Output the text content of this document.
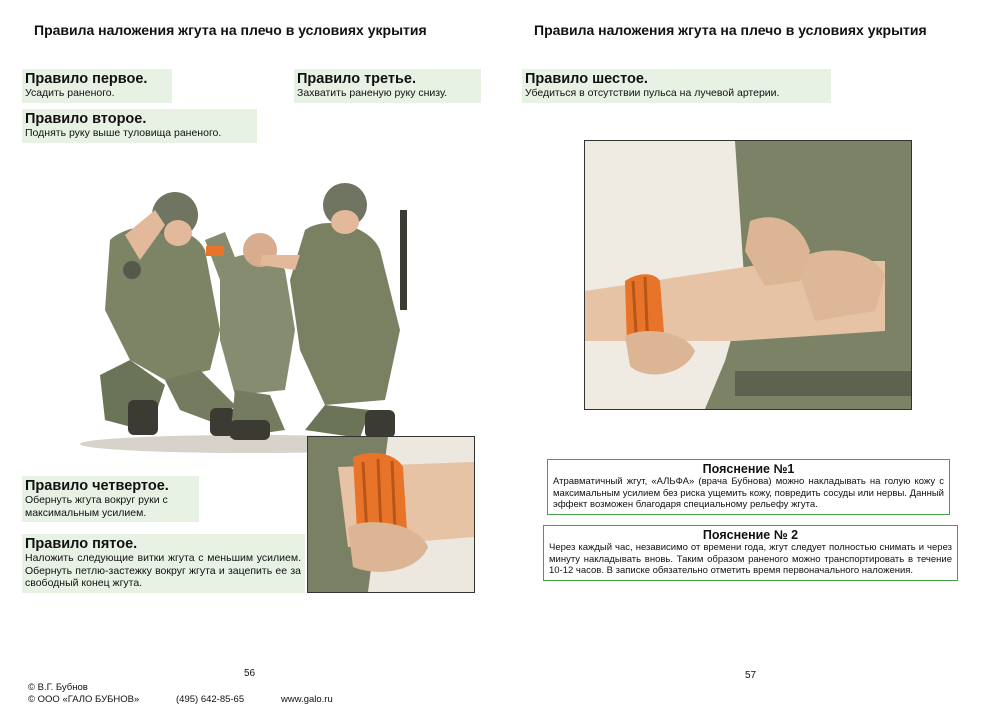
Правила наложения жгута на плечо в условиях укрытия
Правило первое.

Усадить раненого.

Правило второе.

Поднять руку выше туловища раненого.

Правило третье.

Захватить раненую руку снизу.

Правило четвертое.

Обернуть жгута вокруг руки с максимальным усилием.

Правило пятое.

Наложить следующие витки жгута с меньшим усилием. Обернуть петлю-застежку вокруг жгута и зацепить ее за свободный конец жгута.

56
© В.Г. Бубнов
© ООО «ГАЛО БУБНОВ»	(495) 642-85-65	www.galo.ru
Правила наложения жгута на плечо в условиях укрытия
Правило шестое.

Убедиться в отсутствии пульса на лучевой артерии.

Пояснение №1

Атравматичный жгут, «АЛЬФА» (врача Бубнова) можно накладывать на голую кожу с максимальным усилием без риска ущемить кожу, повредить сосуды или нервы. Данный эффект возможен благодаря специальному рельефу жгута.

Пояснение № 2

Через каждый час, независимо от времени года, жгут следует полностью снимать и через минуту накладывать вновь. Таким образом раненого можно транспортировать в течение 10-12 часов. В записке обязательно отметить время первоначального наложения.

57
